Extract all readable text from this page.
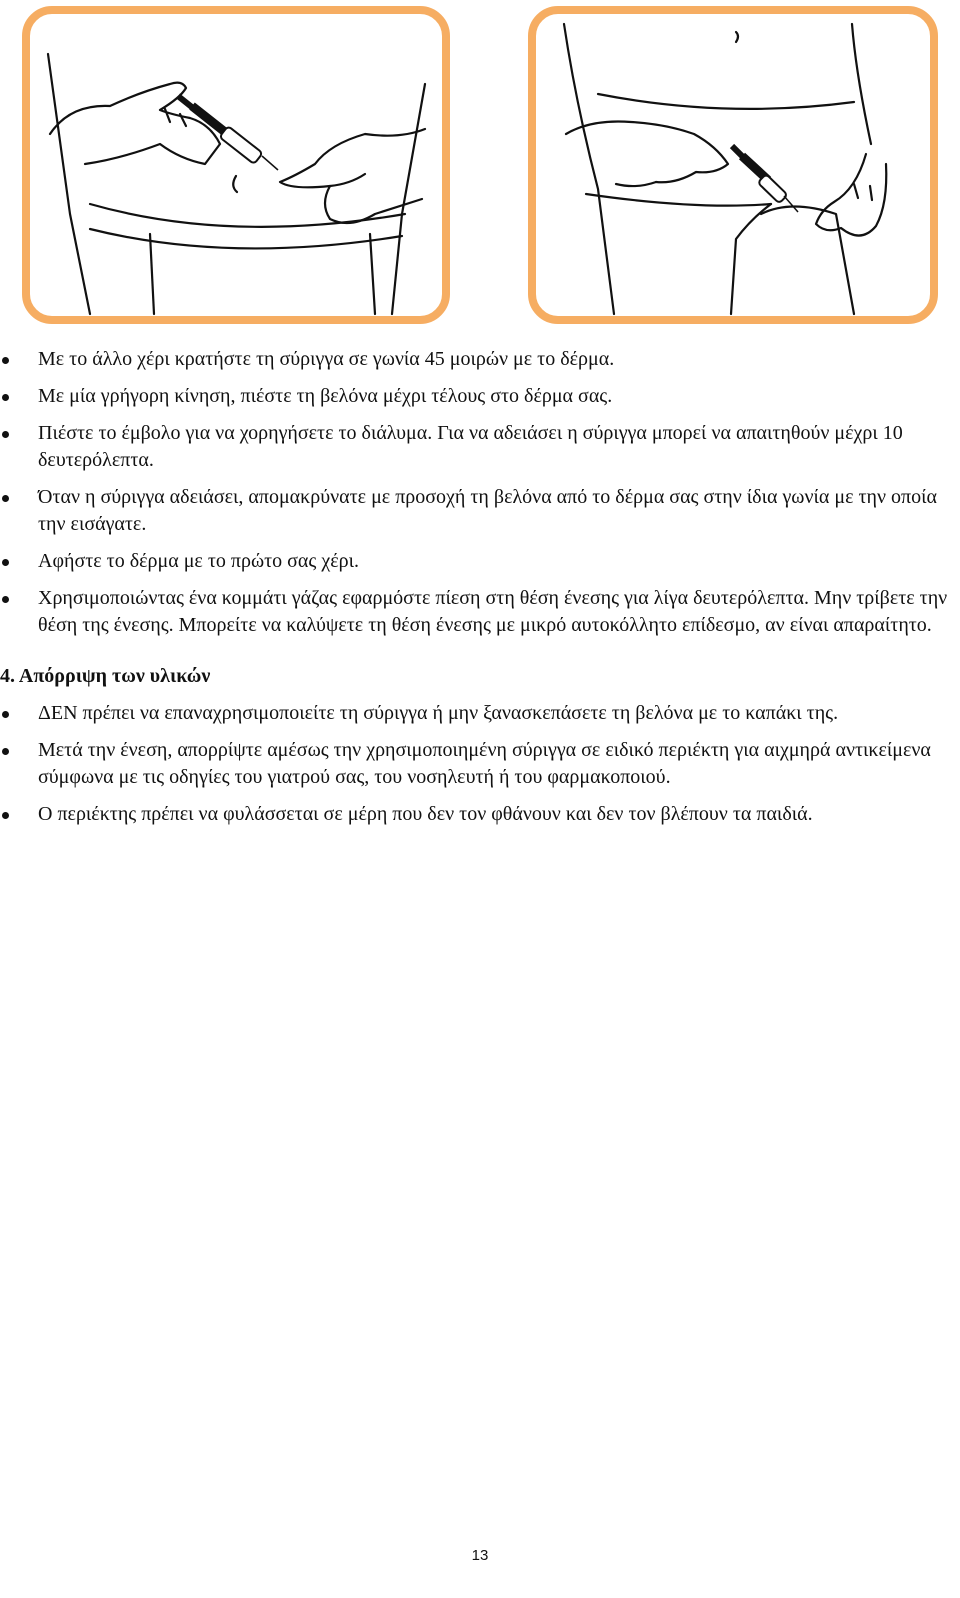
Με το άλλο χέρι κρατήστε τη σύριγγα σε γωνία 45 μοιρών με το δέρμα.
Με μία γρήγορη κίνηση, πιέστε τη βελόνα μέχρι τέλους στο δέρμα σας.
Πιέστε το έμβολο για να χορηγήσετε το διάλυμα. Για να αδειάσει η σύριγγα μπορεί να απαιτηθούν μέχρι 10 δευτερόλεπτα.
Όταν η σύριγγα αδειάσει, απομακρύνατε με προσοχή τη βελόνα από το δέρμα σας στην ίδια γωνία με την οποία την εισάγατε.
Αφήστε το δέρμα με το πρώτο σας χέρι.
Χρησιμοποιώντας ένα κομμάτι γάζας εφαρμόστε πίεση στη θέση ένεσης για λίγα δευτερόλεπτα. Μην τρίβετε την θέση της ένεσης. Μπορείτε να καλύψετε τη θέση ένεσης με μικρό αυτοκόλλητο επίδεσμο, αν είναι απαραίτητο.
4. Απόρριψη των υλικών
ΔΕΝ πρέπει να επαναχρησιμοποιείτε τη σύριγγα ή μην ξανασκεπάσετε τη βελόνα με το καπάκι της.
Μετά την ένεση, απορρίψτε αμέσως την χρησιμοποιημένη σύριγγα σε ειδικό περιέκτη για αιχμηρά αντικείμενα σύμφωνα με τις οδηγίες του γιατρού σας, του νοσηλευτή ή του φαρμακοποιού.
Ο περιέκτης πρέπει να φυλάσσεται σε μέρη που δεν τον φθάνουν και δεν τον βλέπουν τα παιδιά.
13
